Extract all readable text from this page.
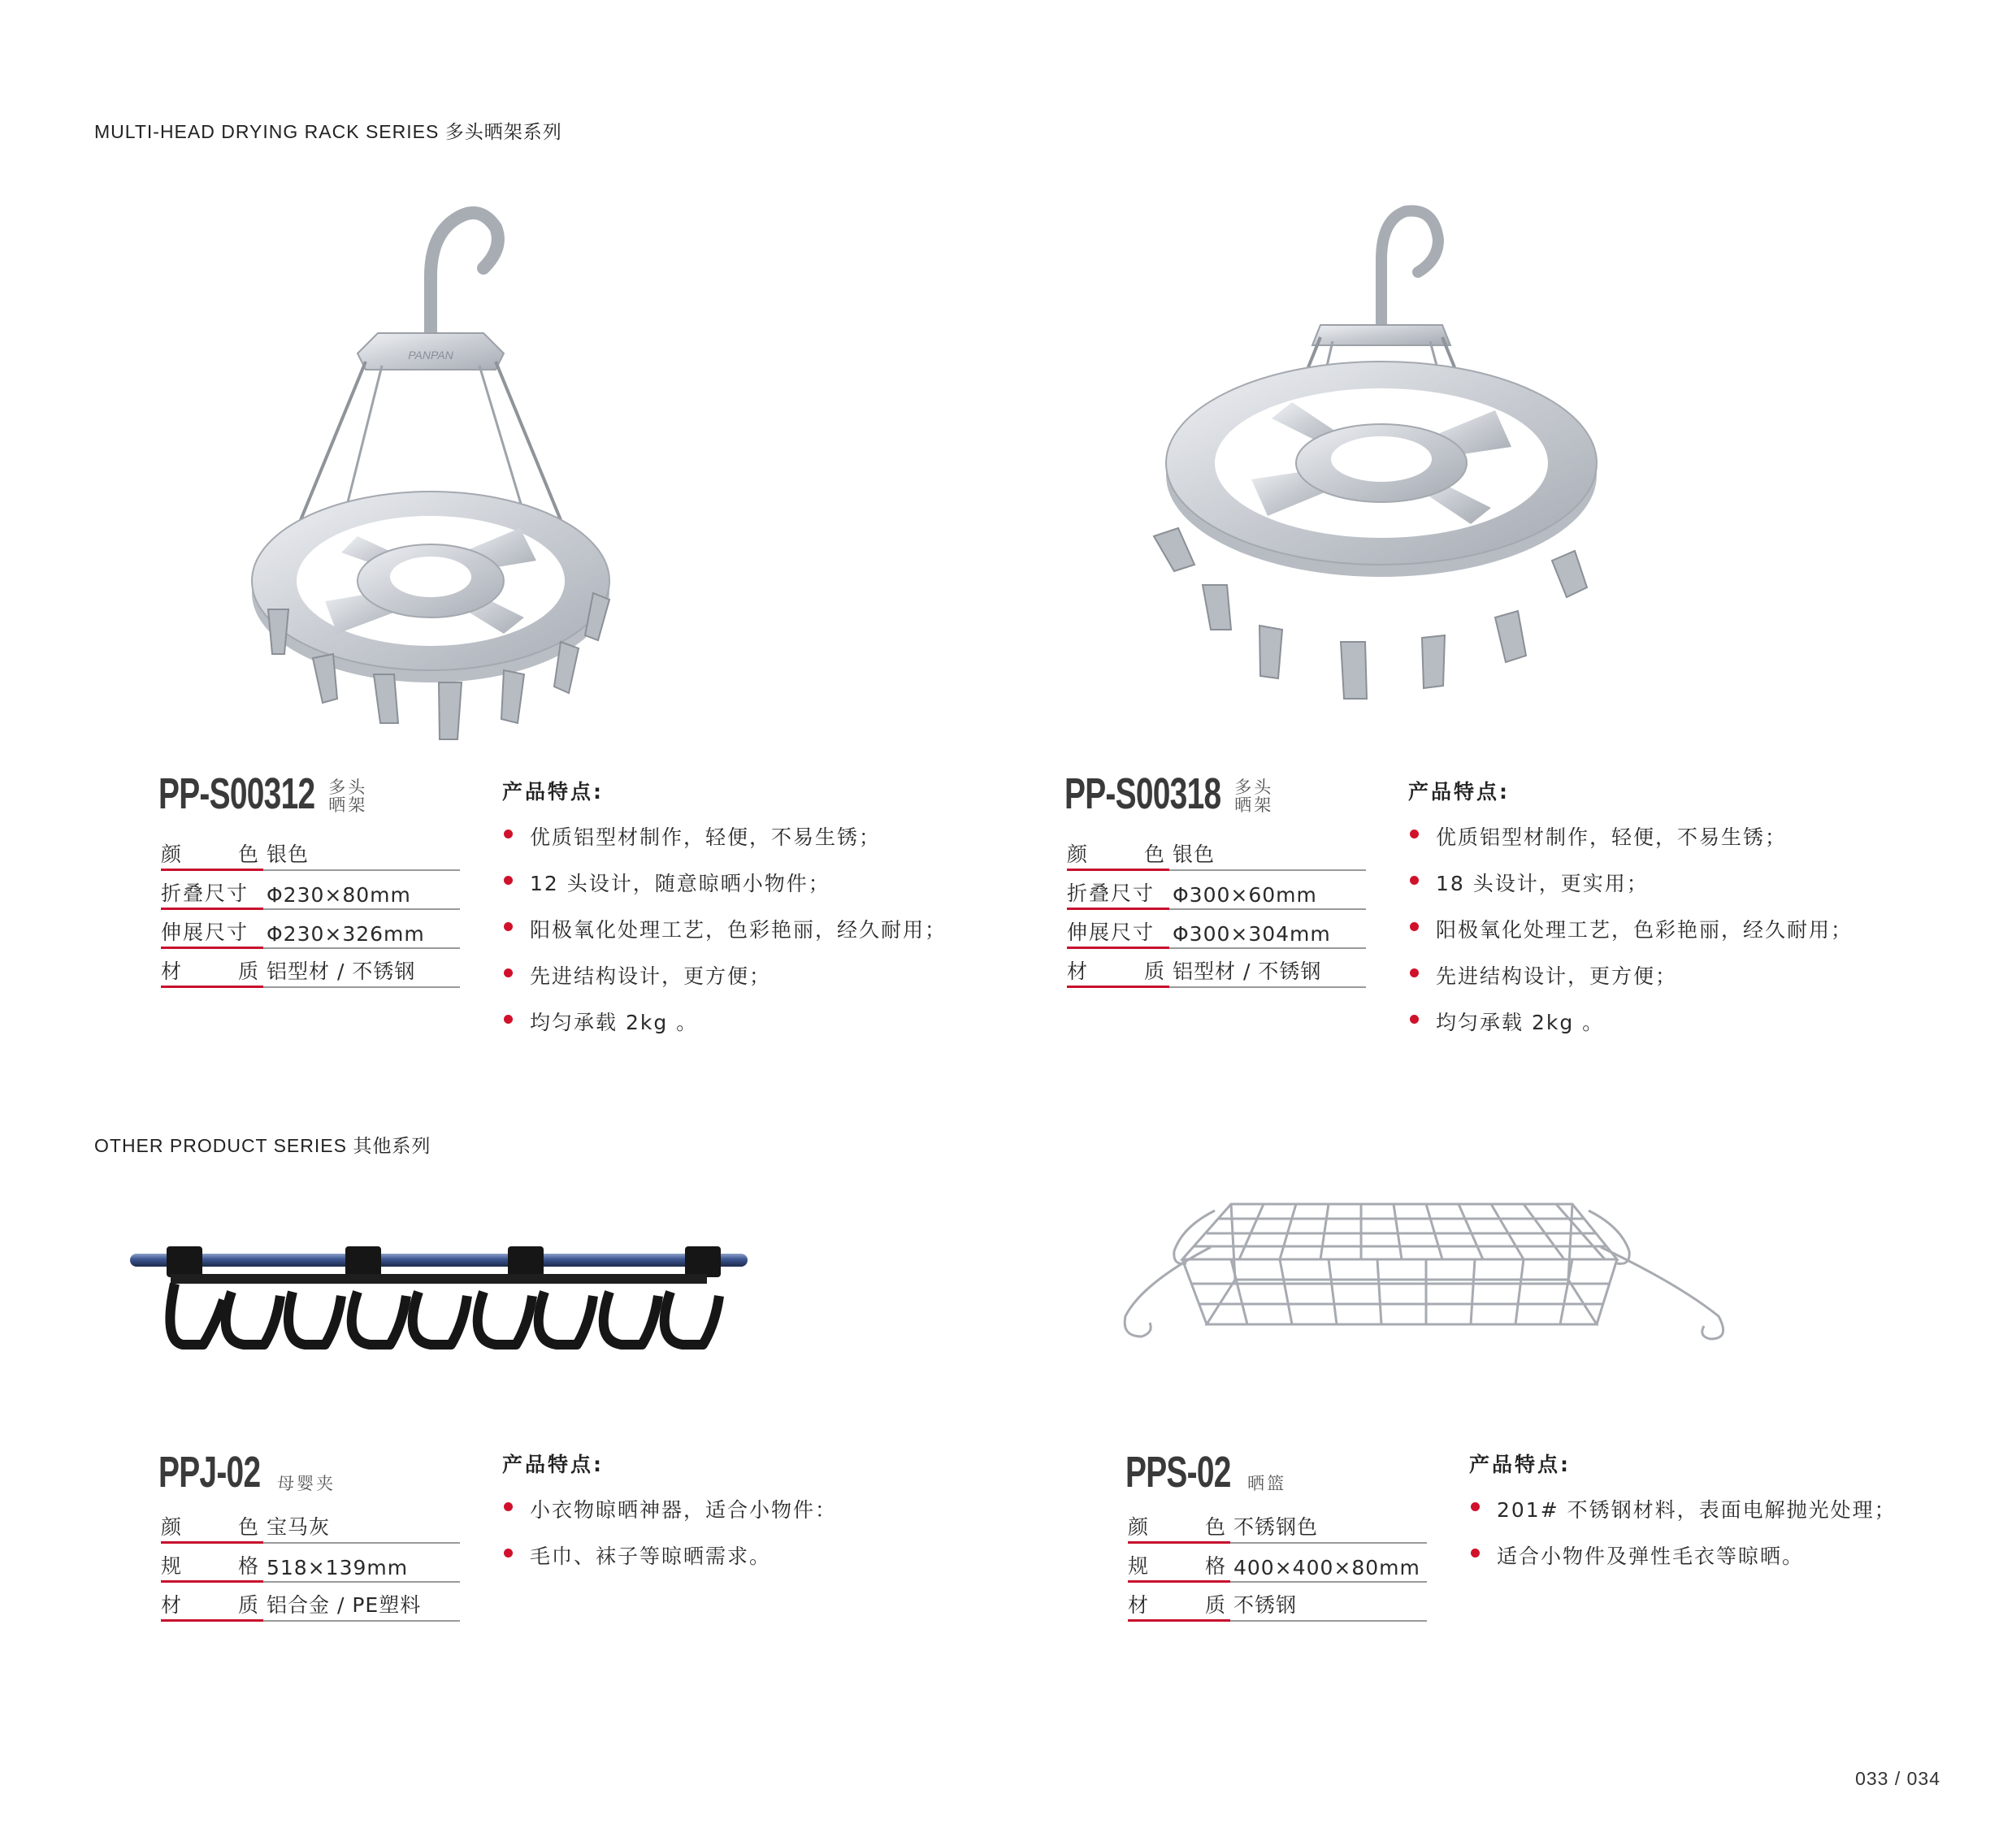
MULTI-HEAD DRYING RACK SERIES 多头晒架系列
OTHER PRODUCT SERIES 其他系列
PANPAN
PP-S00312 多头晒架
颜	色 银色
折叠尺寸 Φ230×80mm
伸展尺寸 Φ230×326mm
材	质 铝型材 / 不锈钢
产品特点:
优质铝型材制作，轻便，不易生锈；
12 头设计，随意晾晒小物件；
阳极氧化处理工艺，色彩艳丽，经久耐用；
先进结构设计，更方便；
均匀承载 2kg 。
PP-S00318 多头晒架
颜	色 银色
折叠尺寸 Φ300×60mm
伸展尺寸 Φ300×304mm
材	质 铝型材 / 不锈钢
产品特点:
优质铝型材制作，轻便，不易生锈；
18 头设计，更实用；
阳极氧化处理工艺，色彩艳丽，经久耐用；
先进结构设计，更方便；
均匀承载 2kg 。
PPJ-02 母婴夹
颜	色 宝马灰
规	格 518×139mm
材	质 铝合金 / PE塑料
产品特点:
小衣物晾晒神器，适合小物件：
毛巾、袜子等晾晒需求。
PPS-02 晒篮
颜	色 不锈钢色
规	格 400×400×80mm
材	质 不锈钢
产品特点:
201# 不锈钢材料，表面电解抛光处理；
适合小物件及弹性毛衣等晾晒。
033 / 034
